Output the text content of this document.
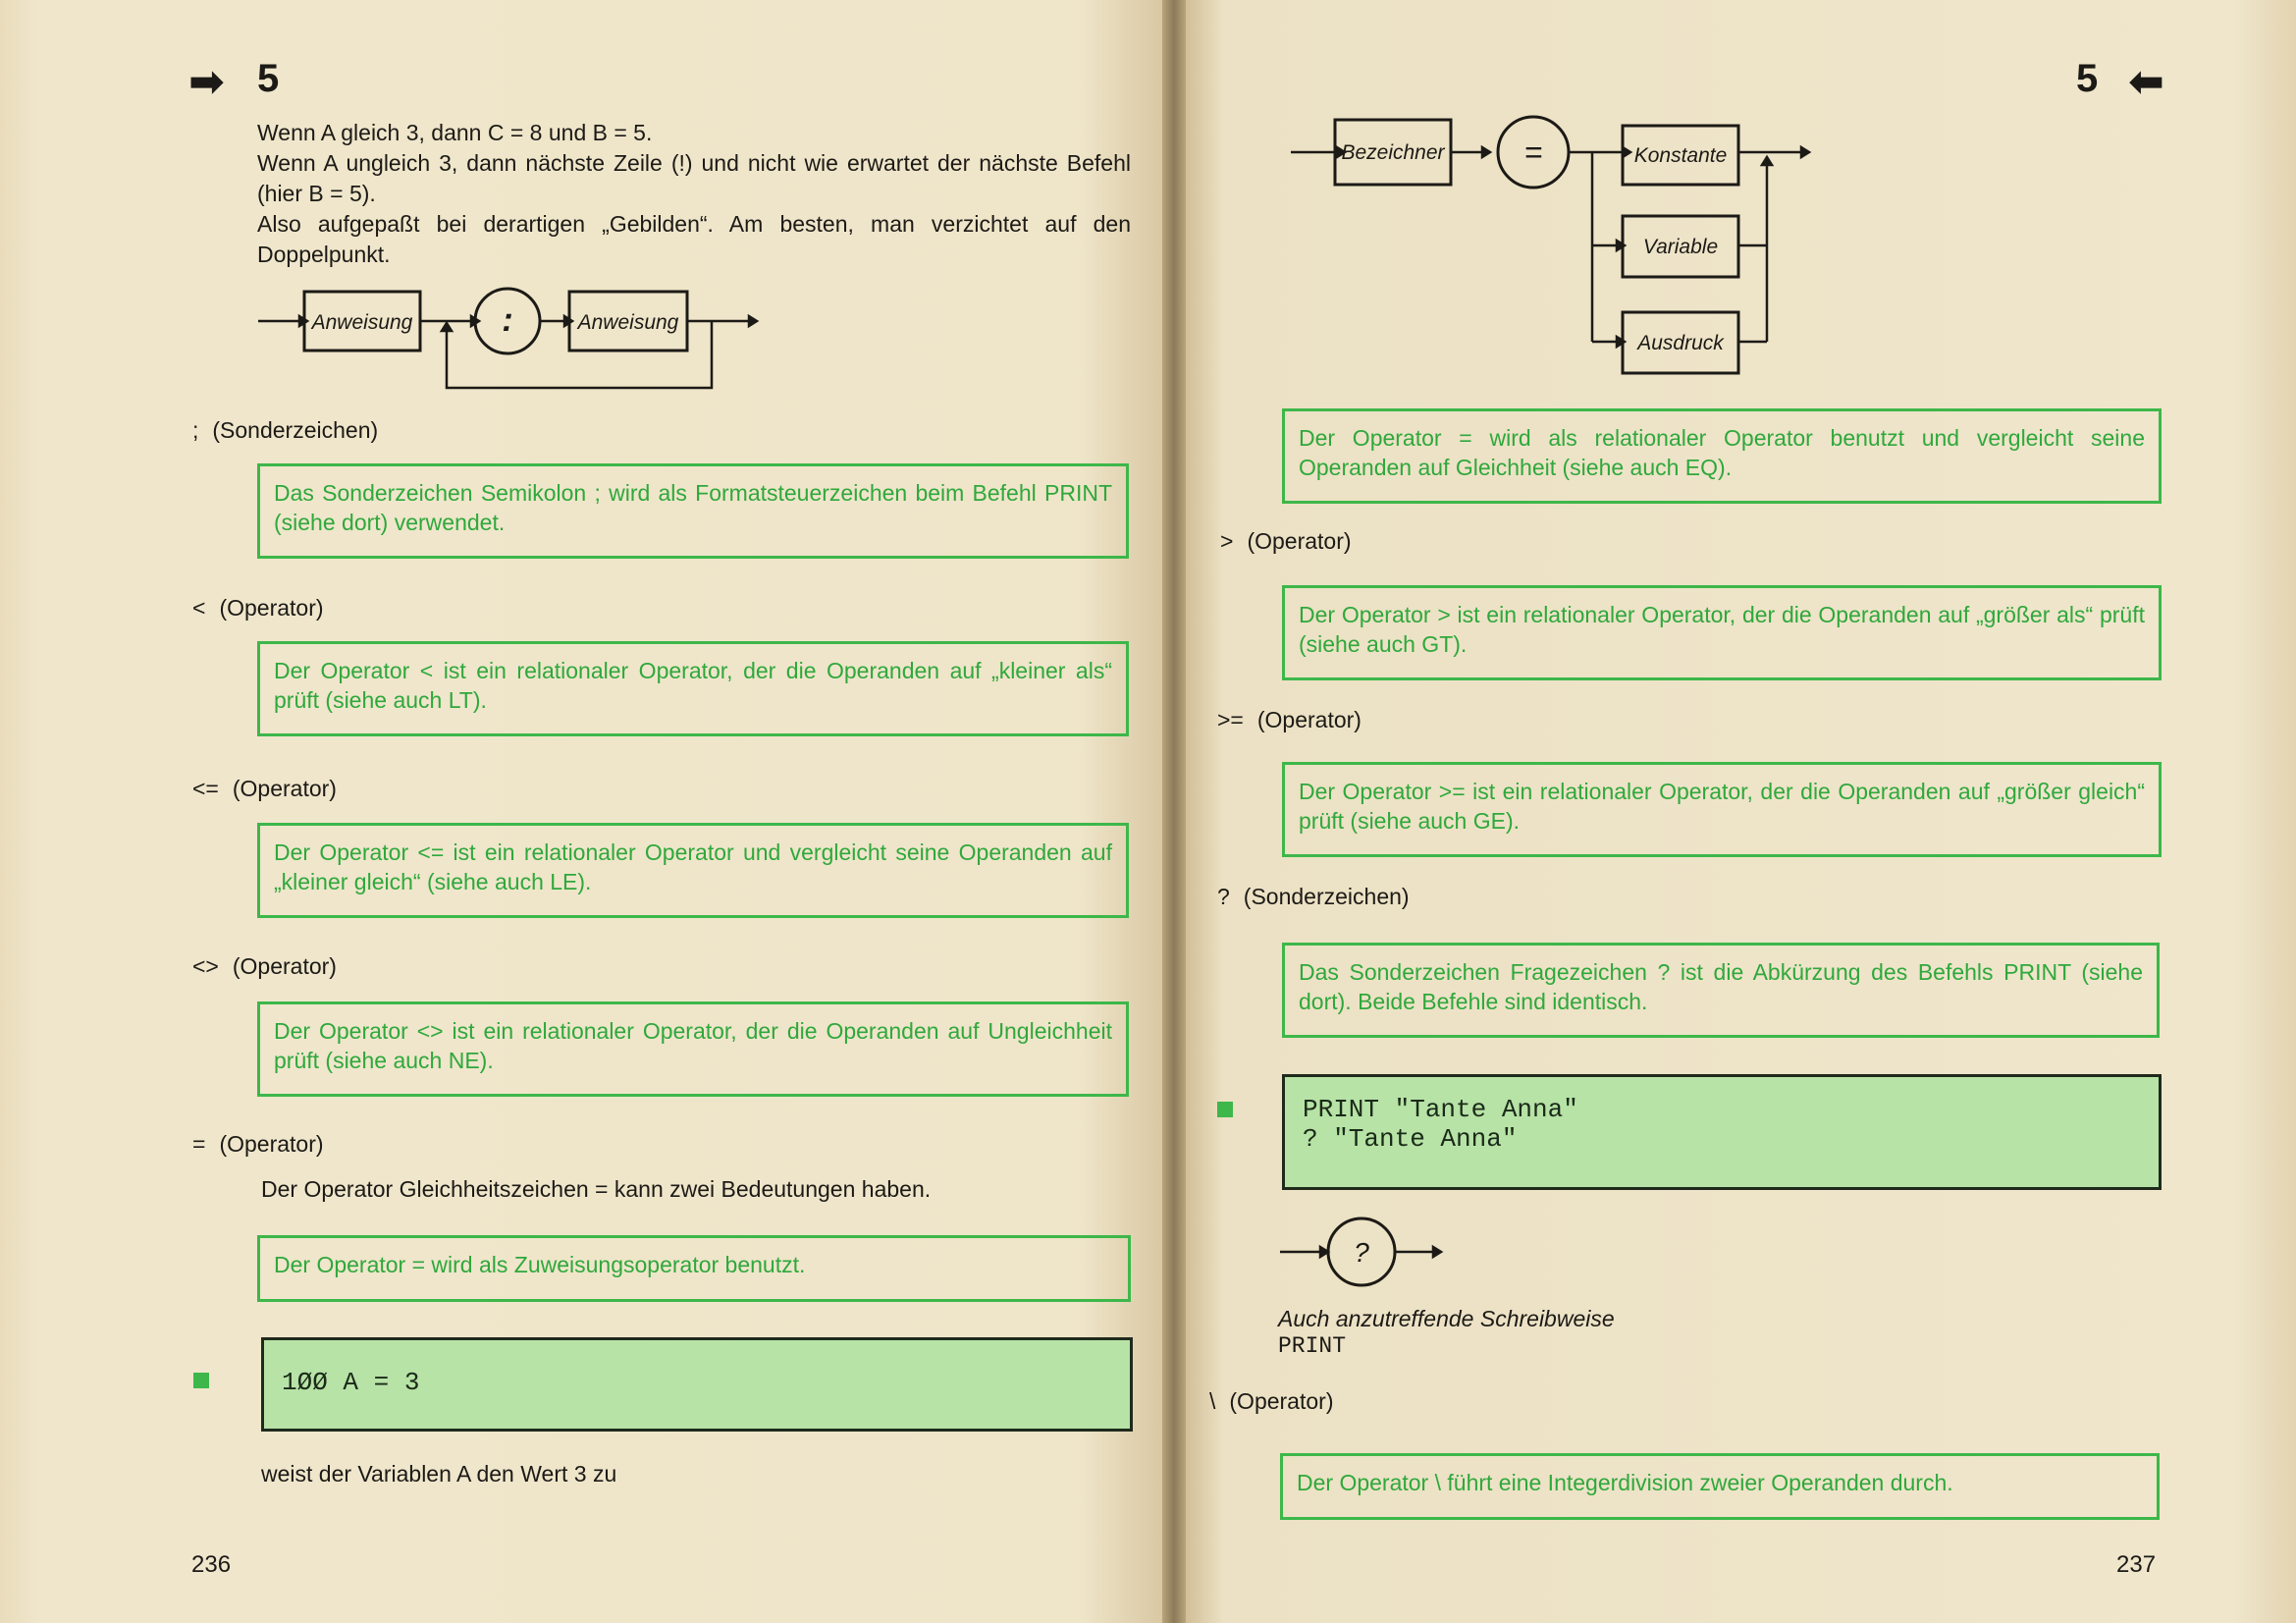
➡ 5
Wenn A gleich 3, dann C = 8 und B = 5.
Wenn A ungleich 3, dann nächste Zeile (!) und nicht wie erwartet der nächste Befehl (hier B = 5).
Also aufgepaßt bei derartigen „Gebilden“. Am besten, man verzichtet auf den Doppelpunkt.
Anweisung	:	Anweisung
; (Sonderzeichen)
Das Sonderzeichen Semikolon ; wird als Formatsteuerzeichen beim Befehl PRINT (siehe dort) verwendet.
< (Operator)
Der Operator < ist ein relationaler Operator, der die Operanden auf „kleiner als“ prüft (siehe auch LT).
<= (Operator)
Der Operator <= ist ein relationaler Operator und vergleicht seine Operanden auf „kleiner gleich“ (siehe auch LE).
<> (Operator)
Der Operator <> ist ein relationaler Operator, der die Operanden auf Ungleichheit prüft (siehe auch NE).
= (Operator)
Der Operator Gleichheitszeichen = kann zwei Bedeutungen haben.
Der Operator = wird als Zuweisungsoperator benutzt.
1ØØ A = 3
weist der Variablen A den Wert 3 zu
236
5 ⬅
Bezeichner	=	Konstante
Variable
Ausdruck
Der Operator = wird als relationaler Operator benutzt und vergleicht seine Operanden auf Gleichheit (siehe auch EQ).
> (Operator)
Der Operator > ist ein relationaler Operator, der die Operanden auf „größer als“ prüft (siehe auch GT).
>= (Operator)
Der Operator >= ist ein relationaler Operator, der die Operanden auf „größer gleich“ prüft (siehe auch GE).
? (Sonderzeichen)
Das Sonderzeichen Fragezeichen ? ist die Abkürzung des Befehls PRINT (siehe dort). Beide Befehle sind identisch.
PRINT "Tante Anna"
? "Tante Anna"
?
Auch anzutreffende Schreibweise
PRINT
\ (Operator)
Der Operator \ führt eine Integerdivision zweier Operanden durch.
237
